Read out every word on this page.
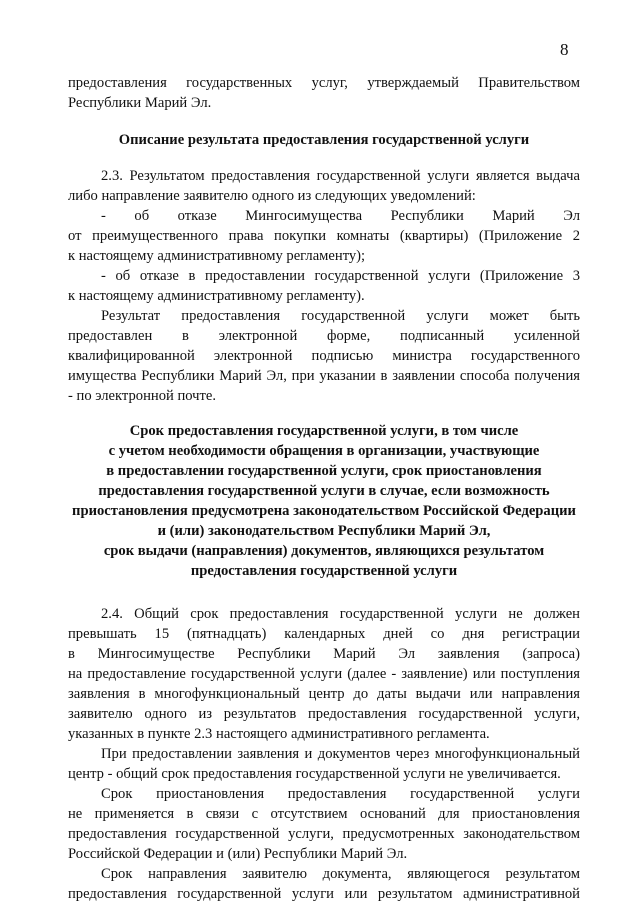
8
предоставления государственных услуг, утверждаемый Правительством
Республики Марий Эл.
Описание результата предоставления государственной услуги
2.3. Результатом предоставления государственной услуги является выдача
либо направление заявителю одного из следующих уведомлений:
- об отказе Мингосимущества Республики Марий Эл
от преимущественного права покупки комнаты (квартиры) (Приложение 2
к настоящему административному регламенту);
- об отказе в предоставлении государственной услуги (Приложение 3
к настоящему административному регламенту).
Результат предоставления государственной услуги может быть
предоставлен в электронной форме, подписанный усиленной
квалифицированной электронной подписью министра государственного
имущества Республики Марий Эл, при указании в заявлении способа получения
- по электронной почте.
Срок предоставления государственной услуги, в том числе
с учетом необходимости обращения в организации, участвующие
в предоставлении государственной услуги, срок приостановления
предоставления государственной услуги в случае, если возможность
приостановления предусмотрена законодательством Российской Федерации
и (или) законодательством Республики Марий Эл,
срок выдачи (направления) документов, являющихся результатом
предоставления государственной услуги
2.4. Общий срок предоставления государственной услуги не должен
превышать 15 (пятнадцать) календарных дней со дня регистрации
в Мингосимуществе Республики Марий Эл заявления (запроса)
на предоставление государственной услуги (далее - заявление) или поступления
заявления в многофункциональный центр до даты выдачи или направления
заявителю одного из результатов предоставления государственной услуги,
указанных в пункте 2.3 настоящего административного регламента.
При предоставлении заявления и документов через многофункциональный
центр - общий срок предоставления государственной услуги не увеличивается.
Срок приостановления предоставления государственной услуги
не применяется в связи с отсутствием оснований для приостановления
предоставления государственной услуги, предусмотренных законодательством
Российской Федерации и (или) Республики Марий Эл.
Срок направления заявителю документа, являющегося результатом
предоставления государственной услуги или результатом административной
